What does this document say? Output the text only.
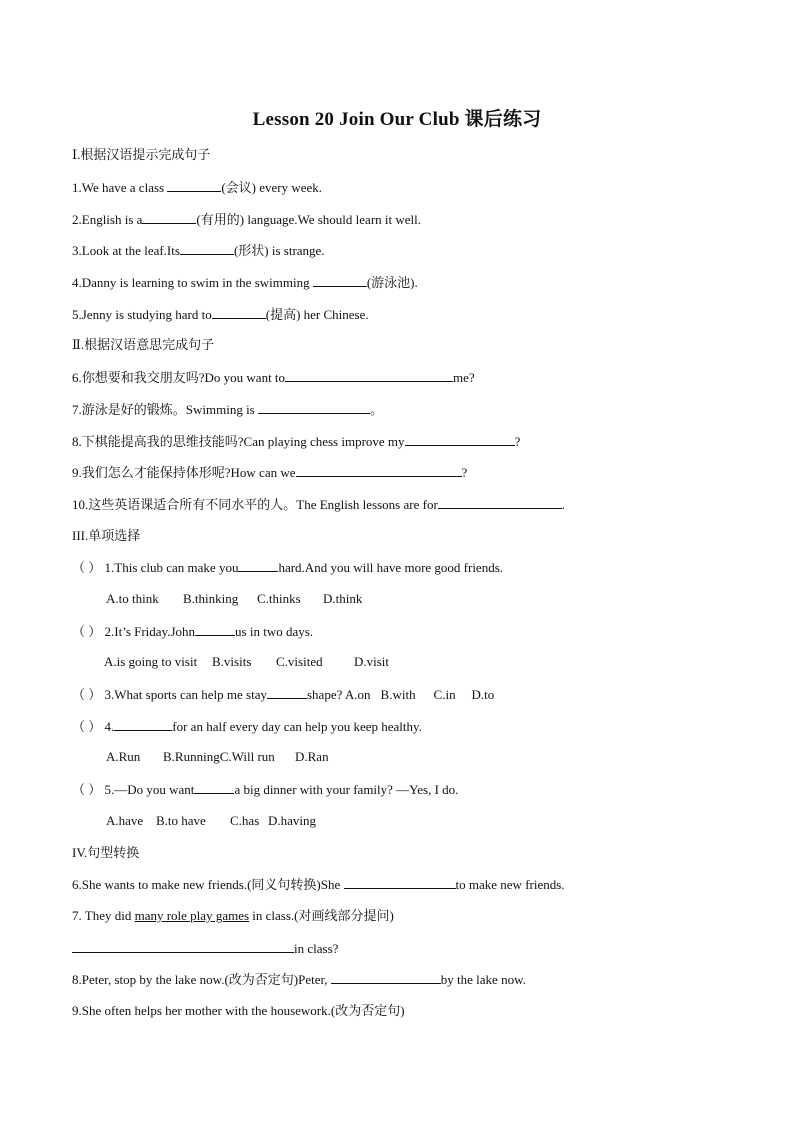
Lesson 20 Join Our Club 课后练习
Ⅰ.根据汉语提示完成句子
1.We have a class	(会议) every week.
2.English is a	(有用的) language.We should learn it well.
3.Look at the leaf.Its	(形状) is strange.
4.Danny is learning to swim in the swimming	(游泳池).
5.Jenny is studying hard to	(提高) her Chinese.
Ⅱ.根据汉语意思完成句子
6.你想要和我交朋友吗?Do you want to	me?
7.游泳是好的锻炼。Swimming is	。
8.下棋能提高我的思维技能吗?Can playing chess improve my	?
9.我们怎么才能保持体形呢?How can we	?
10.这些英语课适合所有不同水平的人。The English lessons are for	.
III.单项选择
（ ） 1.This club can make you	hard.And you will have more good friends.
A.to think B.thinking C.thinks D.think
（ ） 2.It’s Friday.John	us in two days.
A.is going to visit B.visits C.visited D.visit
（ ） 3.What sports can help me stay	shape? A.on B.with C.in D.to
（ ） 4.	for an half every day can help you keep healthy.
A.Run B.RunningC.Will run D.Ran
（ ） 5.—Do you want	a big dinner with your family? —Yes, I do.
A.have B.to have C.has D.having
IV.句型转换
6.She wants to make new friends.(同义句转换)She	to make new friends.
7. They did many role play games in class.(对画线部分提问)
in class?
8.Peter, stop by the lake now.(改为否定句)Peter,	by the lake now.
9.She often helps her mother with the housework.(改为否定句)
